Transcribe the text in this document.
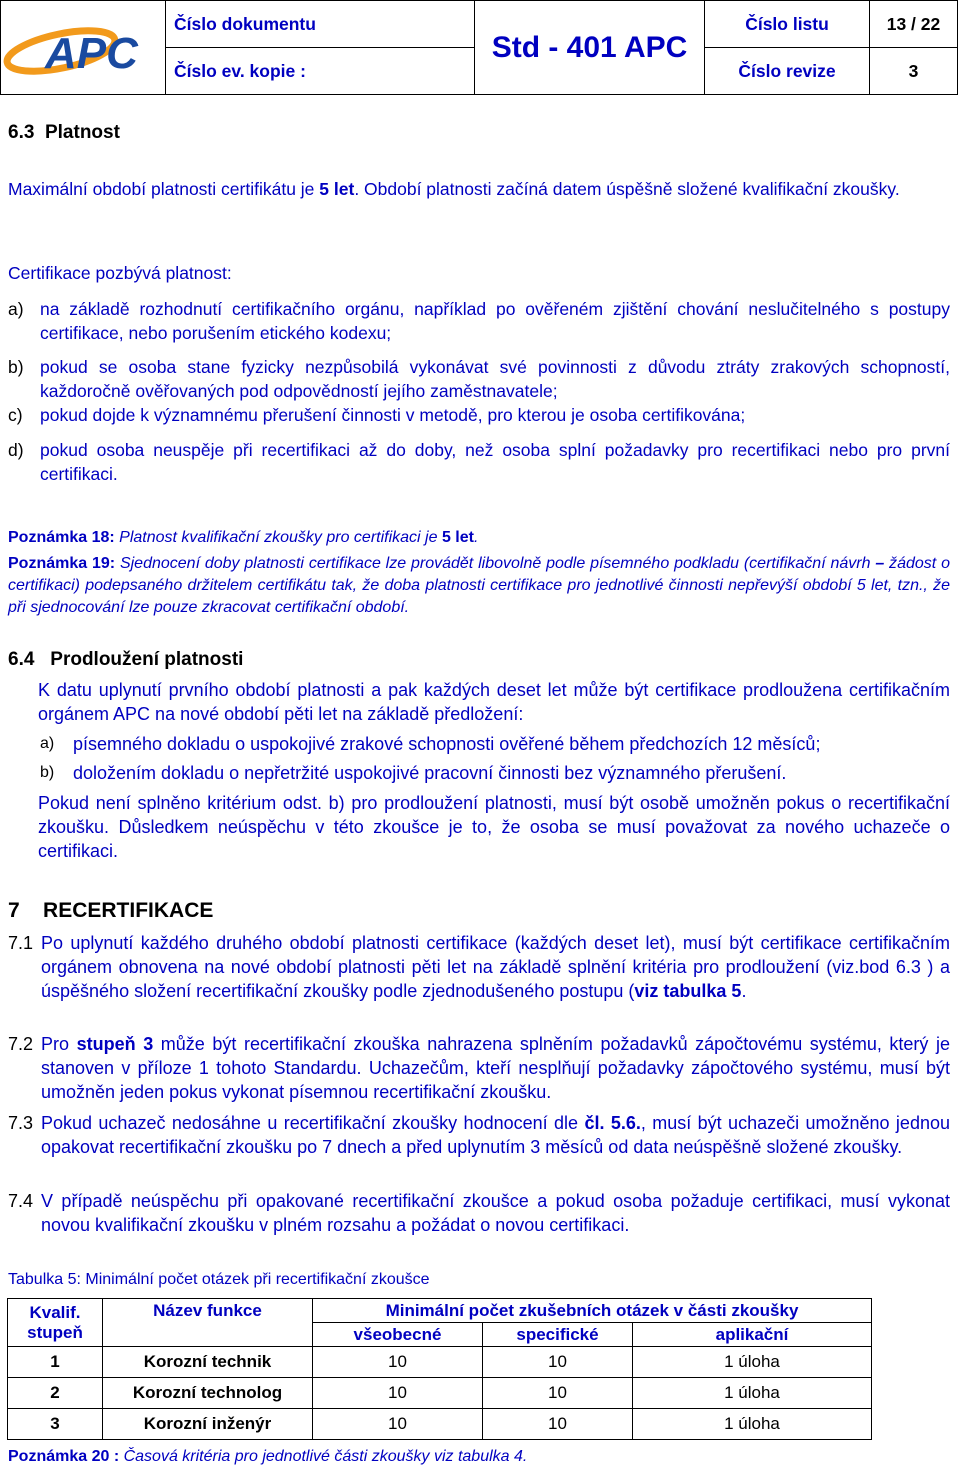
APC	Číslo dokumentu	Std - 401 APC	Číslo listu	13 / 22
	Číslo ev. kopie :		Číslo revize	3
6.3 Platnost
Maximální období platnosti certifikátu je 5 let. Období platnosti začíná datem úspěšně složené kvalifikační zkoušky.
Certifikace pozbývá platnost:
a) na základě rozhodnutí certifikačního orgánu, například po ověřeném zjištění chování neslučitelného s postupy certifikace, nebo porušením etického kodexu;
b) pokud se osoba stane fyzicky nezpůsobilá vykonávat své povinnosti z důvodu ztráty zrakových schopností, každoročně ověřovaných pod odpovědností jejího zaměstnavatele;
c) pokud dojde k významnému přerušení činnosti v metodě, pro kterou je osoba certifikována;
d) pokud osoba neuspěje při recertifikaci až do doby, než osoba splní požadavky pro recertifikaci nebo pro první certifikaci.
Poznámka 18: Platnost kvalifikační zkoušky pro certifikaci je 5 let.
Poznámka 19: Sjednocení doby platnosti certifikace lze provádět libovolně podle písemného podkladu (certifikační návrh – žádost o certifikaci) podepsaného držitelem certifikátu tak, že doba platnosti certifikace pro jednotlivé činnosti nepřevýší období 5 let, tzn., že při sjednocování lze pouze zkracovat certifikační období.
6.4 Prodloužení platnosti
K datu uplynutí prvního období platnosti a pak každých deset let může být certifikace prodloužena certifikačním orgánem APC na nové období pěti let na základě předložení:
a) písemného dokladu o uspokojivé zrakové schopnosti ověřené během předchozích 12 měsíců;
b) doložením dokladu o nepřetržité uspokojivé pracovní činnosti bez významného přerušení.
Pokud není splněno kritérium odst. b) pro prodloužení platnosti, musí být osobě umožněn pokus o recertifikační zkoušku. Důsledkem neúspěchu v této zkoušce je to, že osoba se musí považovat za nového uchazeče o certifikaci.
7 RECERTIFIKACE
7.1 Po uplynutí každého druhého období platnosti certifikace (každých deset let), musí být certifikace certifikačním orgánem obnovena na nové období platnosti pěti let na základě splnění kritéria pro prodloužení (viz.bod 6.3 ) a úspěšného složení recertifikační zkoušky podle zjednodušeného postupu (viz tabulka 5.
7.2 Pro stupeň 3 může být recertifikační zkouška nahrazena splněním požadavků zápočtovému systému, který je stanoven v příloze 1 tohoto Standardu. Uchazečům, kteří nesplňují požadavky zápočtového systému, musí být umožněn jeden pokus vykonat písemnou recertifikační zkoušku.
7.3 Pokud uchazeč nedosáhne u recertifikační zkoušky hodnocení dle čl. 5.6., musí být uchazeči umožněno jednou opakovat recertifikační zkoušku po 7 dnech a před uplynutím 3 měsíců od data neúspěšně složené zkoušky.
7.4 V případě neúspěchu při opakované recertifikační zkoušce a pokud osoba požaduje certifikaci, musí vykonat novou kvalifikační zkoušku v plném rozsahu a požádat o novou certifikaci.
Tabulka 5: Minimální počet otázek při recertifikační zkoušce
Kvalif. stupeň	Název funkce	Minimální počet zkušebních otázek v části zkoušky		
		všeobecné	specifické	aplikační
1	Korozní technik	10	10	1 úloha
2	Korozní technolog	10	10	1 úloha
3	Korozní inženýr	10	10	1 úloha
Poznámka 20 : Časová kritéria pro jednotlivé části zkoušky viz tabulka 4.
